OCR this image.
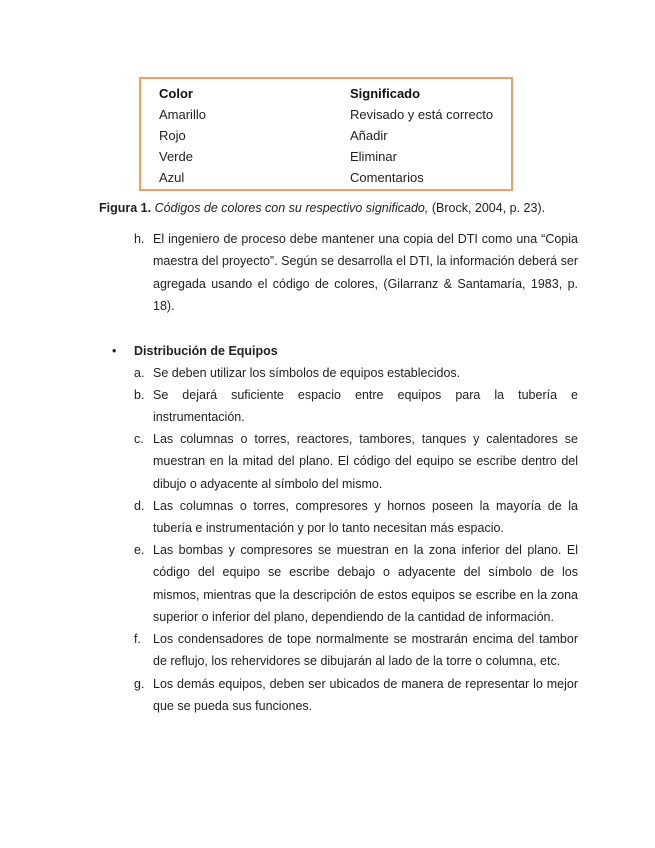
Color	Significado
Amarillo	Revisado y está correcto
Rojo	Añadir
Verde	Eliminar
Azul	Comentarios
Figura 1. Códigos de colores con su respectivo significado, (Brock, 2004, p. 23).
h. El ingeniero de proceso debe mantener una copia del DTI como una “Copia maestra del proyecto”. Según se desarrolla el DTI, la información deberá ser agregada usando el código de colores, (Gilarranz & Santamaría, 1983, p. 18).
• Distribución de Equipos
a. Se deben utilizar los símbolos de equipos establecidos.
b. Se dejará suficiente espacio entre equipos para la tubería e instrumentación.
c. Las columnas o torres, reactores, tambores, tanques y calentadores se muestran en la mitad del plano. El código del equipo se escribe dentro del dibujo o adyacente al símbolo del mismo.
d. Las columnas o torres, compresores y hornos poseen la mayoría de la tubería e instrumentación y por lo tanto necesitan más espacio.
e. Las bombas y compresores se muestran en la zona inferior del plano. El código del equipo se escribe debajo o adyacente del símbolo de los mismos, mientras que la descripción de estos equipos se escribe en la zona superior o inferior del plano, dependiendo de la cantidad de información.
f. Los condensadores de tope normalmente se mostrarán encima del tambor de reflujo, los rehervidores se dibujarán al lado de la torre o columna, etc.
g. Los demás equipos, deben ser ubicados de manera de representar lo mejor que se pueda sus funciones.
